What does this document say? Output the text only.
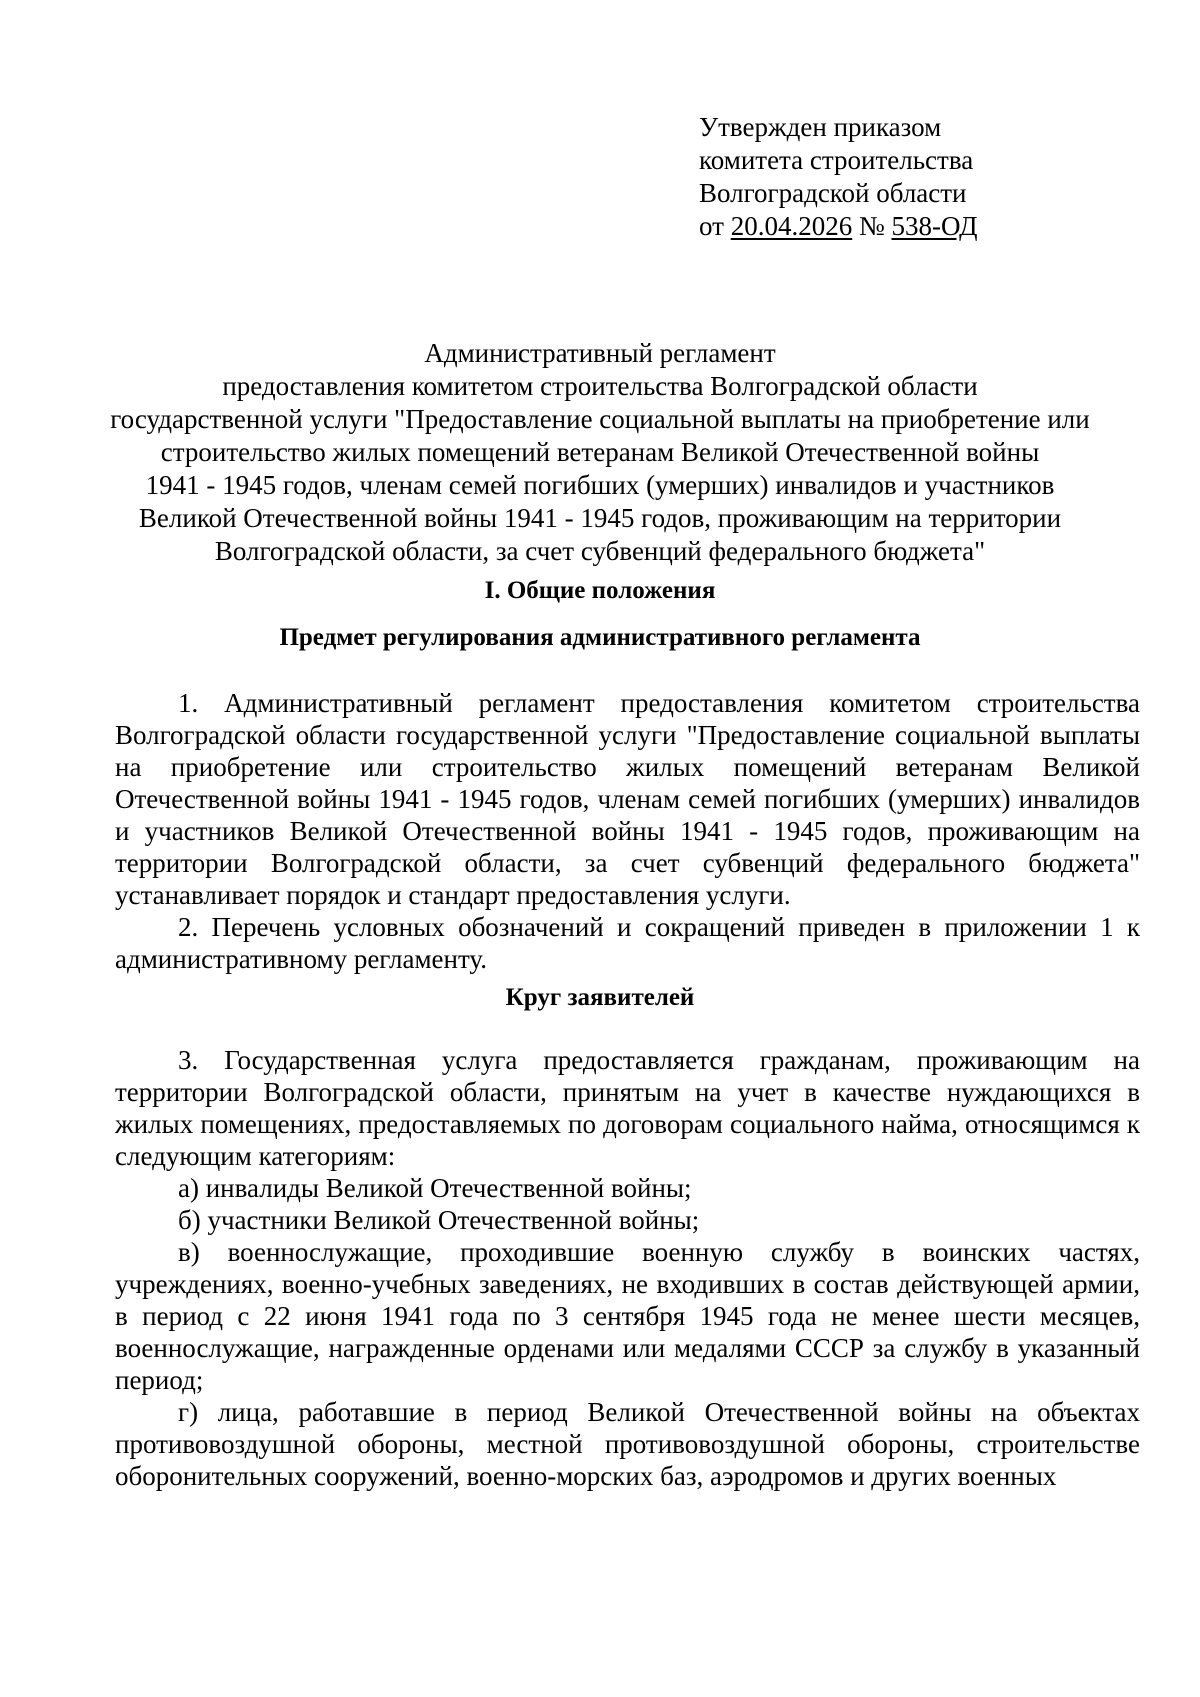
Утвержден приказом
комитета строительства
Волгоградской области
от 20.04.2026 № 538-ОД
Административный регламент
предоставления комитетом строительства Волгоградской области
государственной услуги "Предоставление социальной выплаты на приобретение или
строительство жилых помещений ветеранам Великой Отечественной войны
1941 - 1945 годов, членам семей погибших (умерших) инвалидов и участников
Великой Отечественной войны 1941 - 1945 годов, проживающим на территории
Волгоградской области, за счет субвенций федерального бюджета"
I. Общие положения
Предмет регулирования административного регламента

1. Административный регламент предоставления комитетом строительства Волгоградской области государственной услуги "Предоставление социальной выплаты на приобретение или строительство жилых помещений ветеранам Великой Отечественной войны 1941 - 1945 годов, членам семей погибших (умерших) инвалидов и участников Великой Отечественной войны 1941 - 1945 годов, проживающим на территории Волгоградской области, за счет субвенций федерального бюджета" устанавливает порядок и стандарт предоставления услуги.

2. Перечень условных обозначений и сокращений приведен в приложении 1 к административному регламенту.

Круг заявителей

3. Государственная услуга предоставляется гражданам, проживающим на территории Волгоградской области, принятым на учет в качестве нуждающихся в жилых помещениях, предоставляемых по договорам социального найма, относящимся к следующим категориям:

а) инвалиды Великой Отечественной войны;

б) участники Великой Отечественной войны;

в) военнослужащие, проходившие военную службу в воинских частях, учреждениях, военно-учебных заведениях, не входивших в состав действующей армии, в период с 22 июня 1941 года по 3 сентября 1945 года не менее шести месяцев, военнослужащие, награжденные орденами или медалями СССР за службу в указанный период;

г) лица, работавшие в период Великой Отечественной войны на объектах противовоздушной обороны, местной противовоздушной обороны, строительстве оборонительных сооружений, военно-морских баз, аэродромов и других военных
